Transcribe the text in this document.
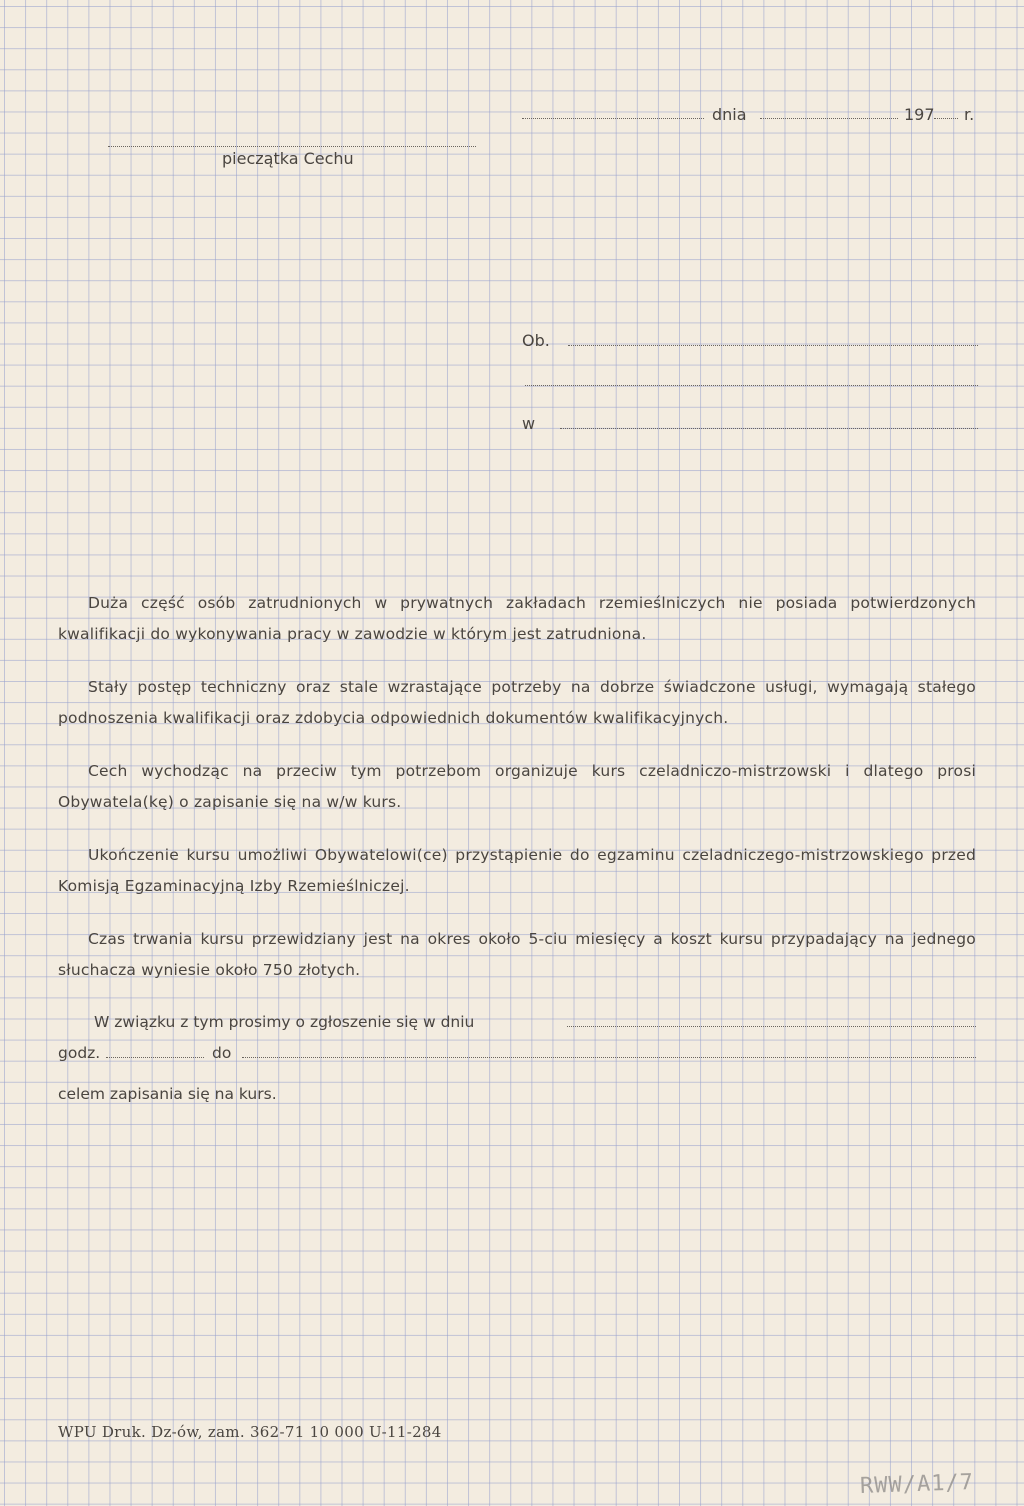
dnia	197 r.
pieczątka Cechu
Ob.
w

Duża część osób zatrudnionych w prywatnych zakładach rzemieślniczych nie posiada potwierdzonych kwalifikacji do wykonywania pracy w zawodzie w którym jest zatrudniona.

Stały postęp techniczny oraz stale wzrastające potrzeby na dobrze świadczone usługi, wymagają stałego podnoszenia kwalifikacji oraz zdobycia odpowiednich dokumentów kwalifikacyjnych.

Cech wychodząc na przeciw tym potrzebom organizuje kurs czeladniczo-mistrzowski i dlatego prosi Obywatela(kę) o zapisanie się na w/w kurs.

Ukończenie kursu umożliwi Obywatelowi(ce) przystąpienie do egzaminu czeladniczego-mistrzowskiego przed Komisją Egzaminacyjną Izby Rzemieślniczej.

Czas trwania kursu przewidziany jest na okres około 5-ciu miesięcy a koszt kursu przypadający na jednego słuchacza wyniesie około 750 złotych.

W związku z tym prosimy o zgłoszenie się w dniu
godz.	do
celem zapisania się na kurs.
WPU Druk. Dz-ów, zam. 362-71 10 000 U-11-284
RWW/A1/7
